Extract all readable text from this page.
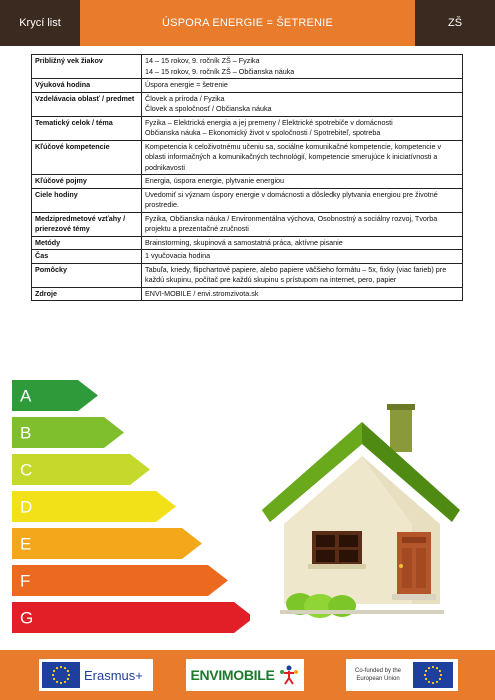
Krycí list	ÚSPORA ENERGIE = ŠETRENIE	ZŠ
Približný vek žiakov	14 – 15 rokov, 9. ročník ZŠ – Fyzika
14 – 15 rokov, 9. ročník ZŠ – Občianska náuka

Výuková hodina	Úspora energie = šetrenie

Vzdelávacia oblasť / predmet	Človek a príroda / Fyzika
Človek a spoločnosť / Občianska náuka

Tematický celok / téma	Fyzika – Elektrická energia a jej premeny / Elektrické spotrebiče v domácnosti
Občianska náuka – Ekonomický život v spoločnosti / Spotrebiteľ, spotreba

Kľúčové kompetencie	Kompetencia k celoživotnému učeniu sa, sociálne komunikačné kompetencie, kompetencie v oblasti informačných a komunikačných technológií, kompetencie smerujúce k iniciatívnosti a podnikavosti

Kľúčové pojmy	Energia, úspora energie, plytvanie energiou

Ciele hodiny	Uvedomiť si význam úspory energie v domácnosti a dôsledky plytvania energiou pre životné prostredie.

Medzipredmetové vzťahy / prierezové témy	Fyzika, Občianska náuka / Environmentálna výchova, Osobnostný a sociálny rozvoj, Tvorba projektu a prezentačné zručnosti

Metódy	Brainstorming, skupinová a samostatná práca, aktívne pisanie

Čas	1 vyučovacia hodina

Pomôcky	Tabuľa, kriedy, flipchartové papiere, alebo papiere väčšieho formátu – 5x, fixky (viac farieb) pre každú skupinu, počítač pre každú skupinu s prístupom na internet, pero, papier

Zdroje	ENVI-MOBILE / envi.stromzivota.sk
A
B
C
D
E
F
G
Erasmus+	ENVIMOBILE	Co-funded by the European Union
